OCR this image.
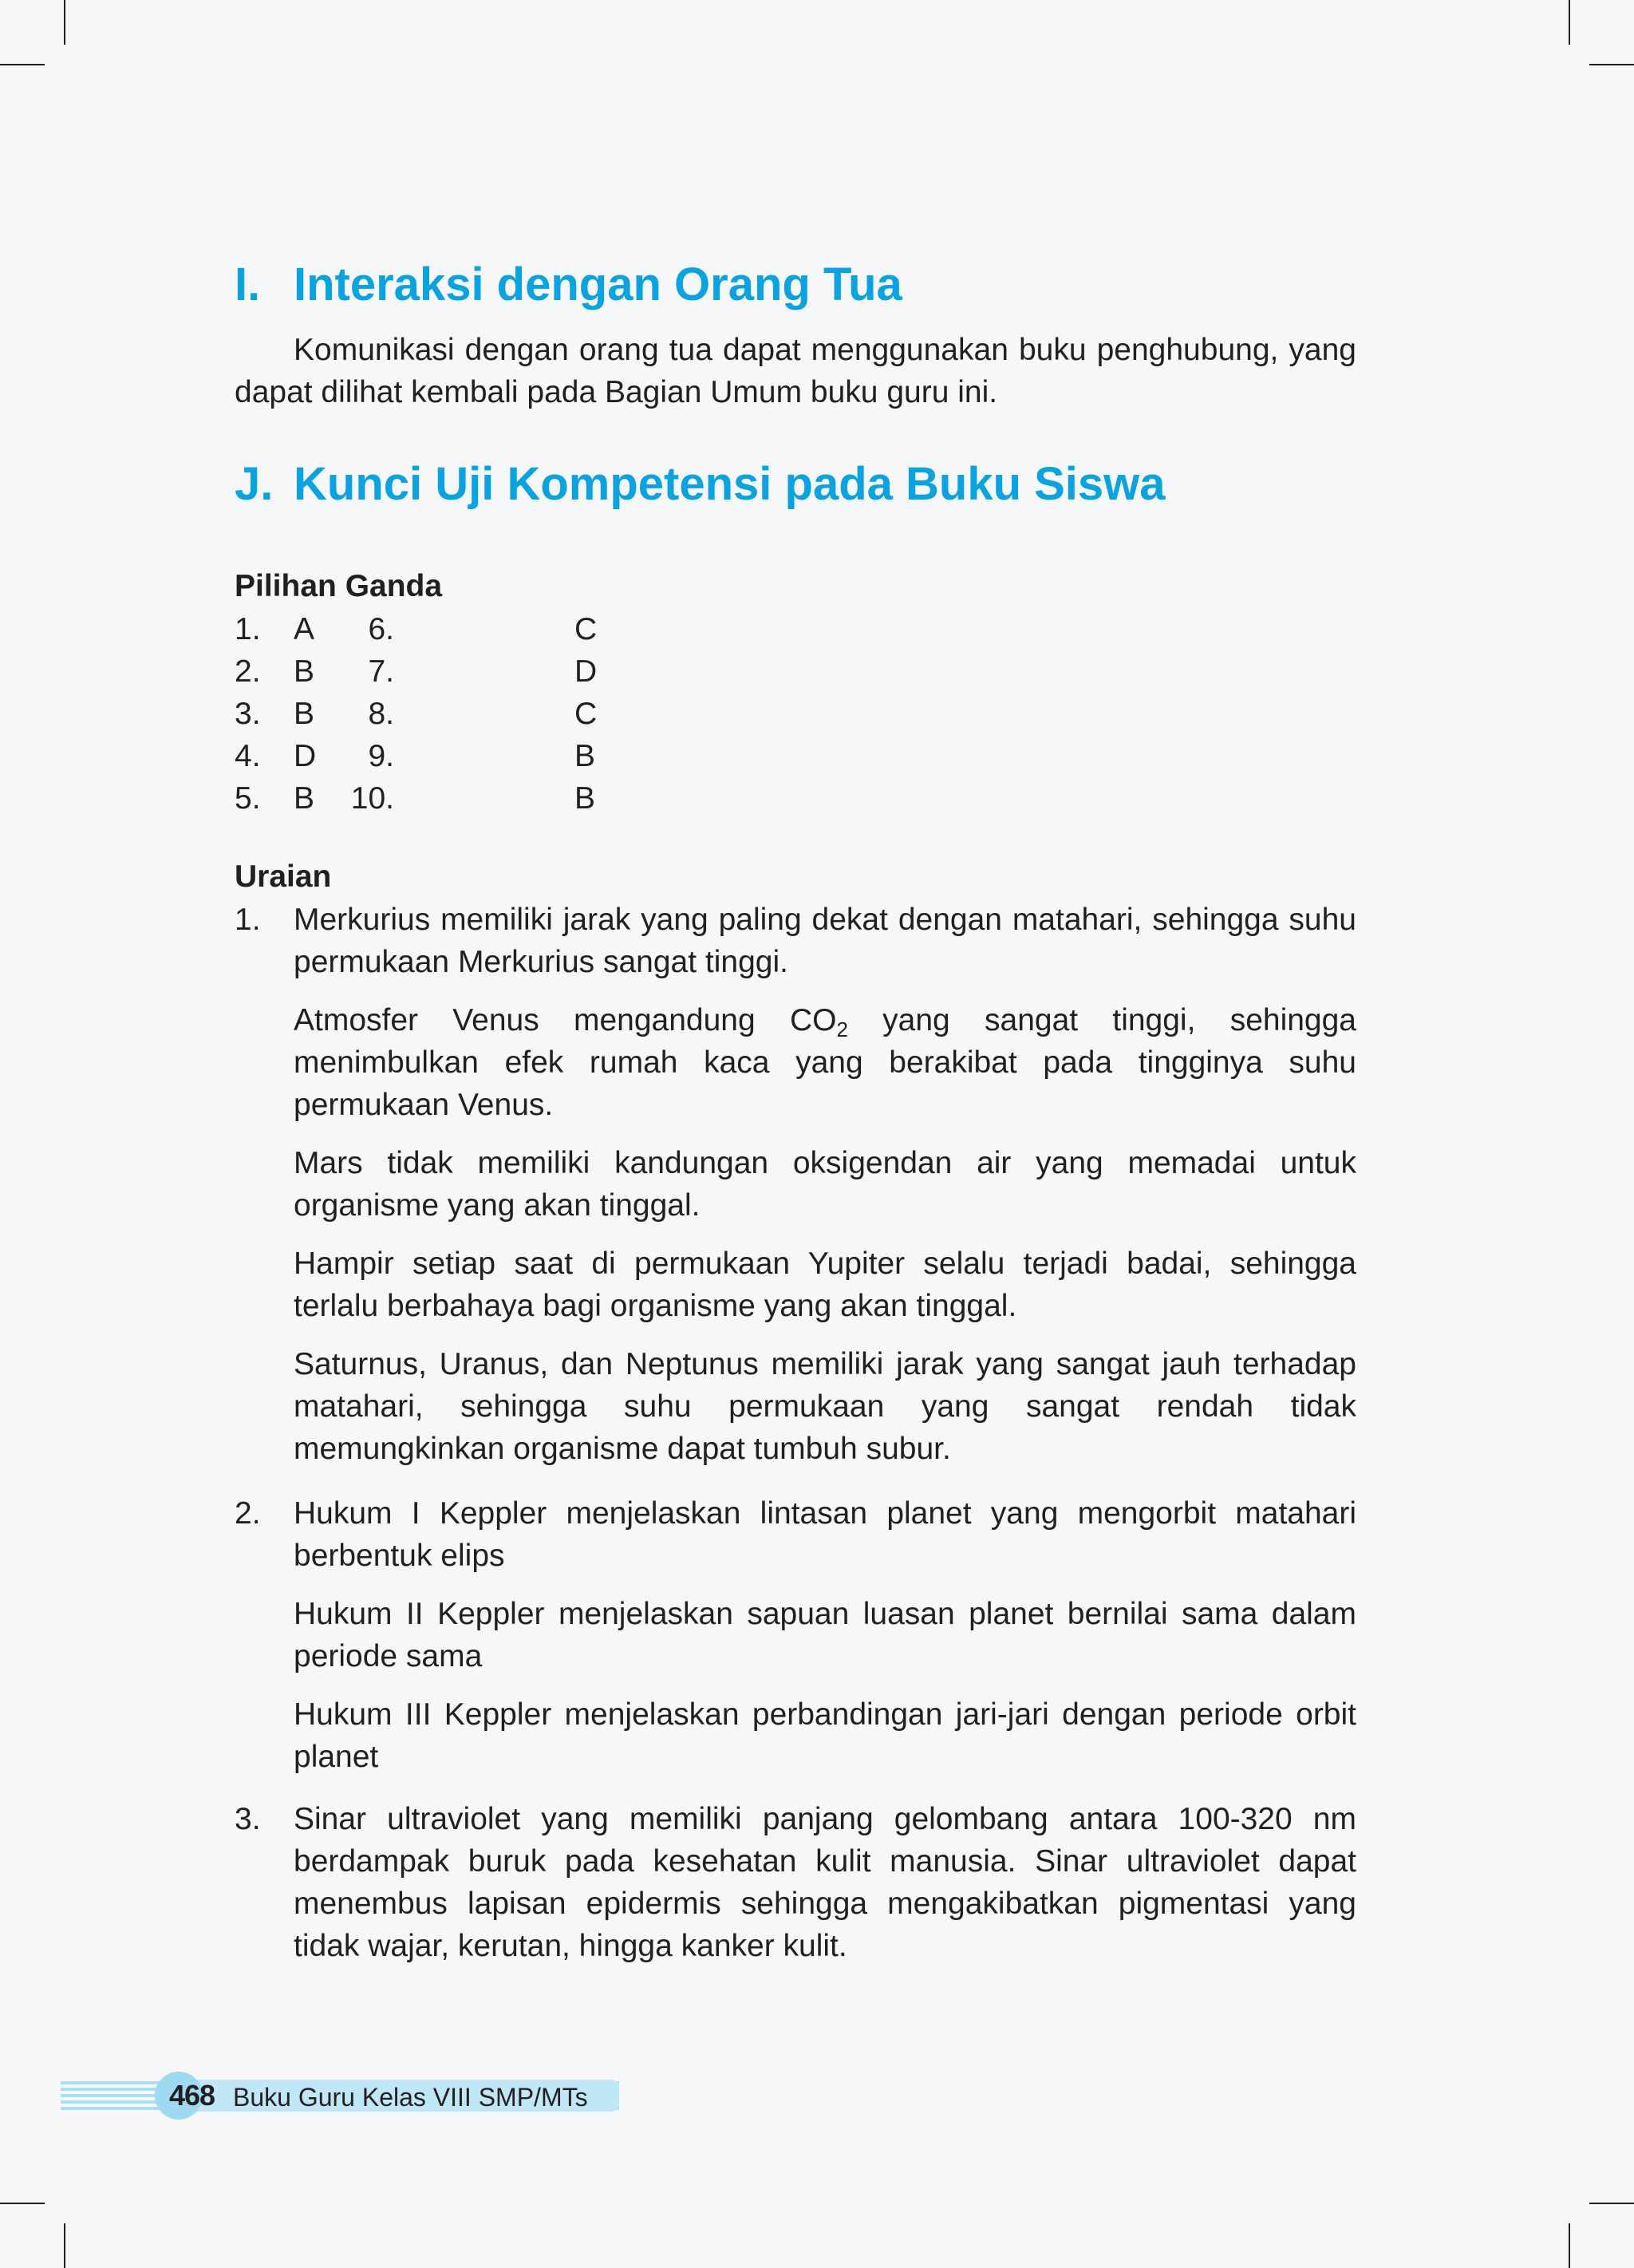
I. Interaksi dengan Orang Tua

Komunikasi dengan orang tua dapat menggunakan buku penghubung, yang dapat dilihat kembali pada Bagian Umum buku guru ini.

J. Kunci Uji Kompetensi pada Buku Siswa

Pilihan Ganda

1. A 6.	C
2. B 7.	D
3. B 8.	C
4. D 9.	B
5. B 10.	B

Uraian

1. Merkurius memiliki jarak yang paling dekat dengan matahari, sehingga suhu permukaan Merkurius sangat tinggi.

Atmosfer Venus mengandung $CO_2$ yang sangat tinggi, sehingga menimbulkan efek rumah kaca yang berakibat pada tingginya suhu permukaan Venus.

Mars tidak memiliki kandungan oksigendan air yang memadai untuk organisme yang akan tinggal.

Hampir setiap saat di permukaan Yupiter selalu terjadi badai, sehingga terlalu berbahaya bagi organisme yang akan tinggal.

Saturnus, Uranus, dan Neptunus memiliki jarak yang sangat jauh terhadap matahari, sehingga suhu permukaan yang sangat rendah tidak memungkinkan organisme dapat tumbuh subur.

2. Hukum I Keppler menjelaskan lintasan planet yang mengorbit matahari berbentuk elips

Hukum II Keppler menjelaskan sapuan luasan planet bernilai sama dalam periode sama

Hukum III Keppler menjelaskan perbandingan jari-jari dengan periode orbit planet

3. Sinar ultraviolet yang memiliki panjang gelombang antara 100-320 nm berdampak buruk pada kesehatan kulit manusia. Sinar ultraviolet dapat menembus lapisan epidermis sehingga mengakibatkan pigmentasi yang tidak wajar, kerutan, hingga kanker kulit.

468 Buku Guru Kelas VIII SMP/MTs
